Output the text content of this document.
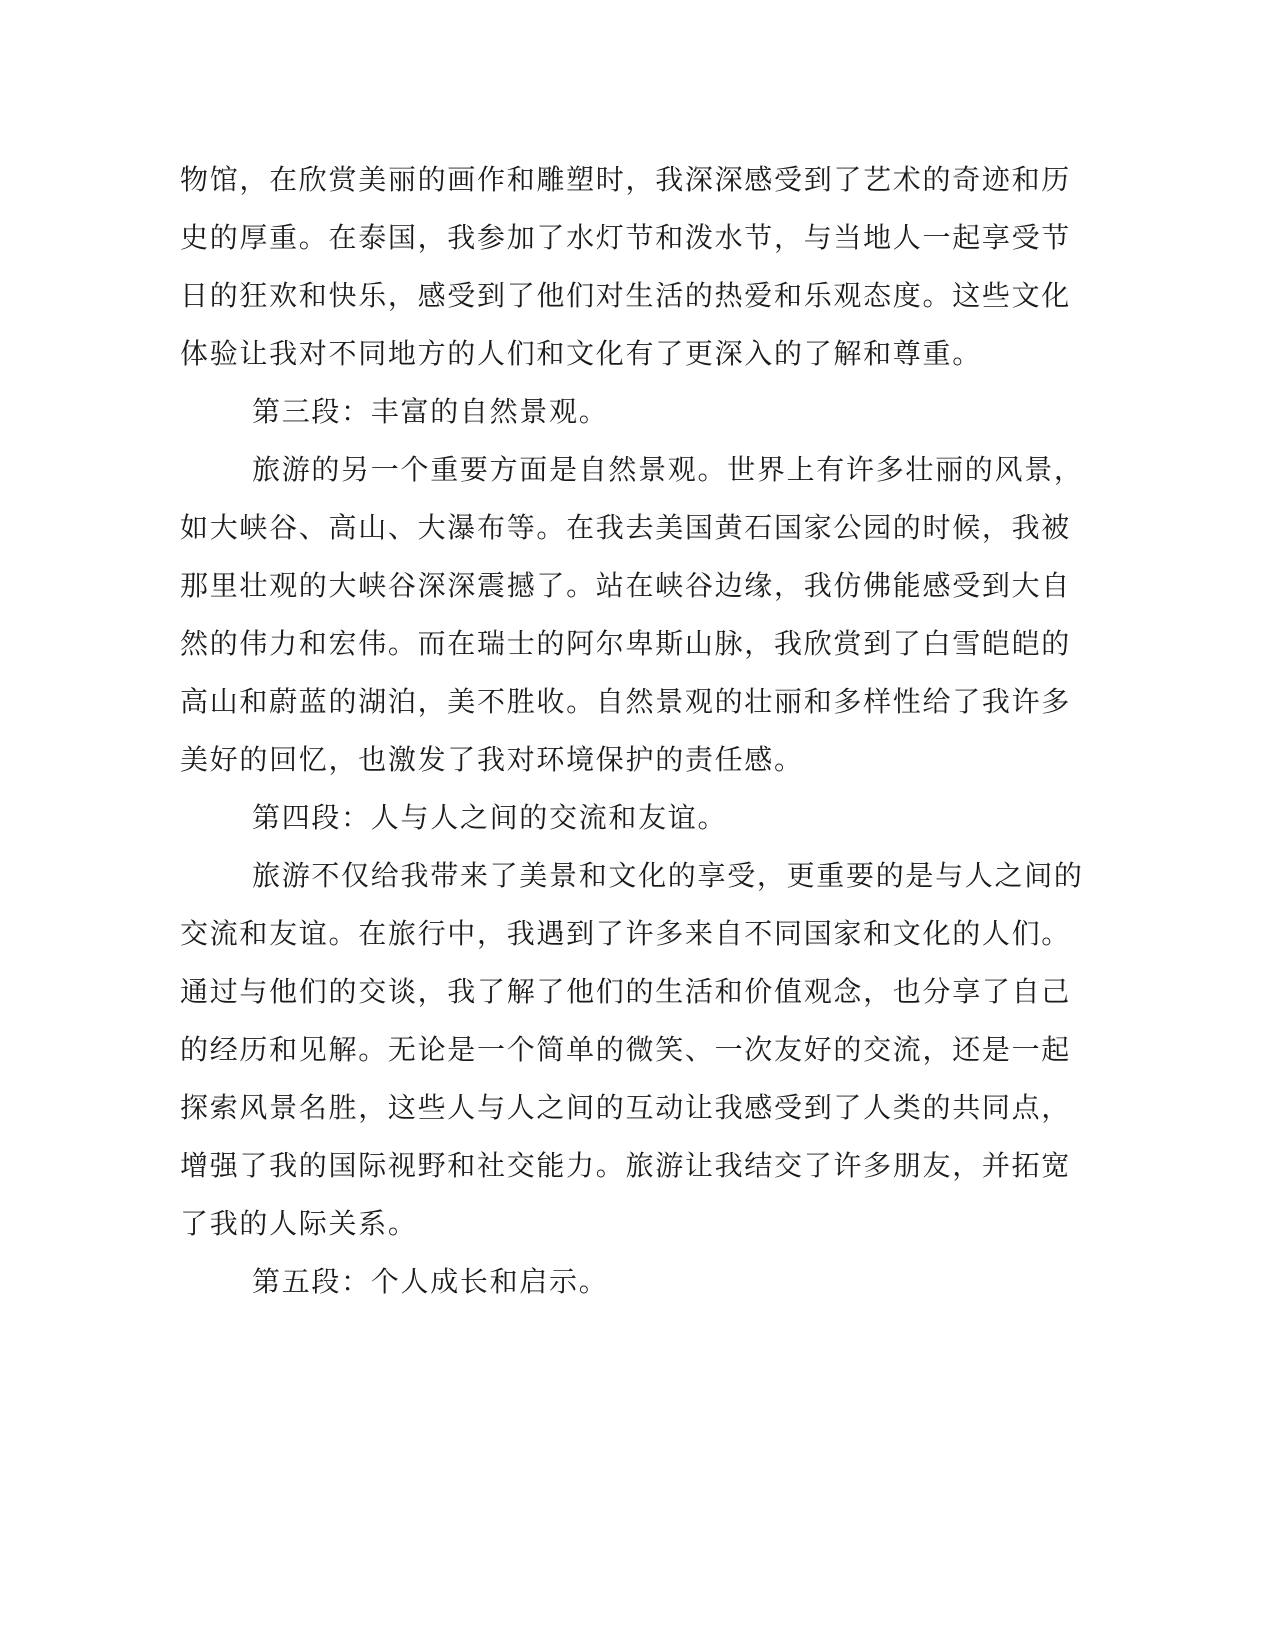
物馆，在欣赏美丽的画作和雕塑时，我深深感受到了艺术的奇迹和历
史的厚重。在泰国，我参加了水灯节和泼水节，与当地人一起享受节
日的狂欢和快乐，感受到了他们对生活的热爱和乐观态度。这些文化
体验让我对不同地方的人们和文化有了更深入的了解和尊重。
第三段：丰富的自然景观。
旅游的另一个重要方面是自然景观。世界上有许多壮丽的风景，
如大峡谷、高山、大瀑布等。在我去美国黄石国家公园的时候，我被
那里壮观的大峡谷深深震撼了。站在峡谷边缘，我仿佛能感受到大自
然的伟力和宏伟。而在瑞士的阿尔卑斯山脉，我欣赏到了白雪皑皑的
高山和蔚蓝的湖泊，美不胜收。自然景观的壮丽和多样性给了我许多
美好的回忆，也激发了我对环境保护的责任感。
第四段：人与人之间的交流和友谊。
旅游不仅给我带来了美景和文化的享受，更重要的是与人之间的
交流和友谊。在旅行中，我遇到了许多来自不同国家和文化的人们。
通过与他们的交谈，我了解了他们的生活和价值观念，也分享了自己
的经历和见解。无论是一个简单的微笑、一次友好的交流，还是一起
探索风景名胜，这些人与人之间的互动让我感受到了人类的共同点，
增强了我的国际视野和社交能力。旅游让我结交了许多朋友，并拓宽
了我的人际关系。
第五段：个人成长和启示。
